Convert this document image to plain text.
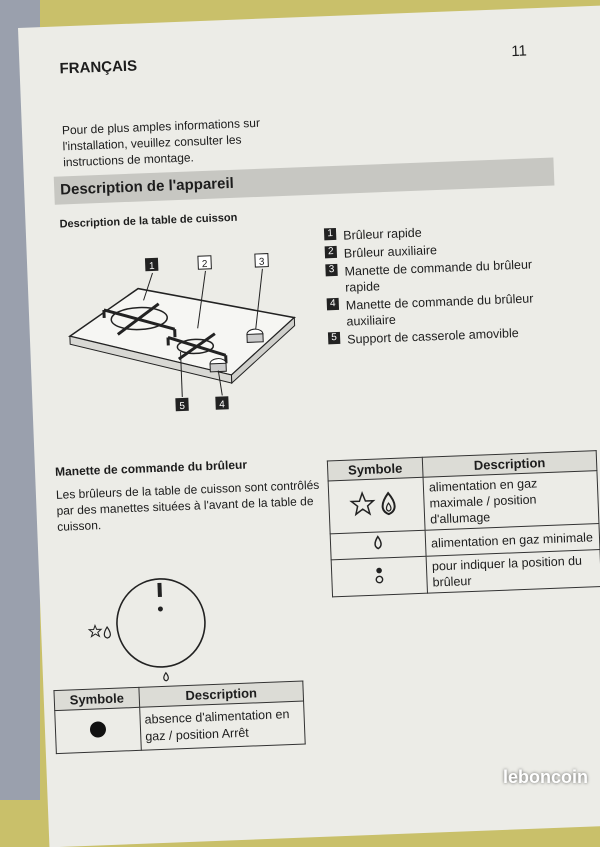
FRANÇAIS
11
Pour de plus amples informations sur l'installation, veuillez consulter les instructions de montage.
Description de l'appareil
Description de la table de cuisson
1	2	3
4
5
1 Brûleur rapide
2 Brûleur auxiliaire
3 Manette de commande du brûleur rapide
4 Manette de commande du brûleur auxiliaire
5 Support de casserole amovible
Manette de commande du brûleur
Les brûleurs de la table de cuisson sont contrôlés par des manettes situées à l'avant de la table de cuisson.
Symbole	Description
	alimentation en gaz maximale / position d'allumage
	alimentation en gaz minimale
	pour indiquer la position du brûleur
Symbole	Description
	absence d'alimentation en gaz / position Arrêt
leboncoin
